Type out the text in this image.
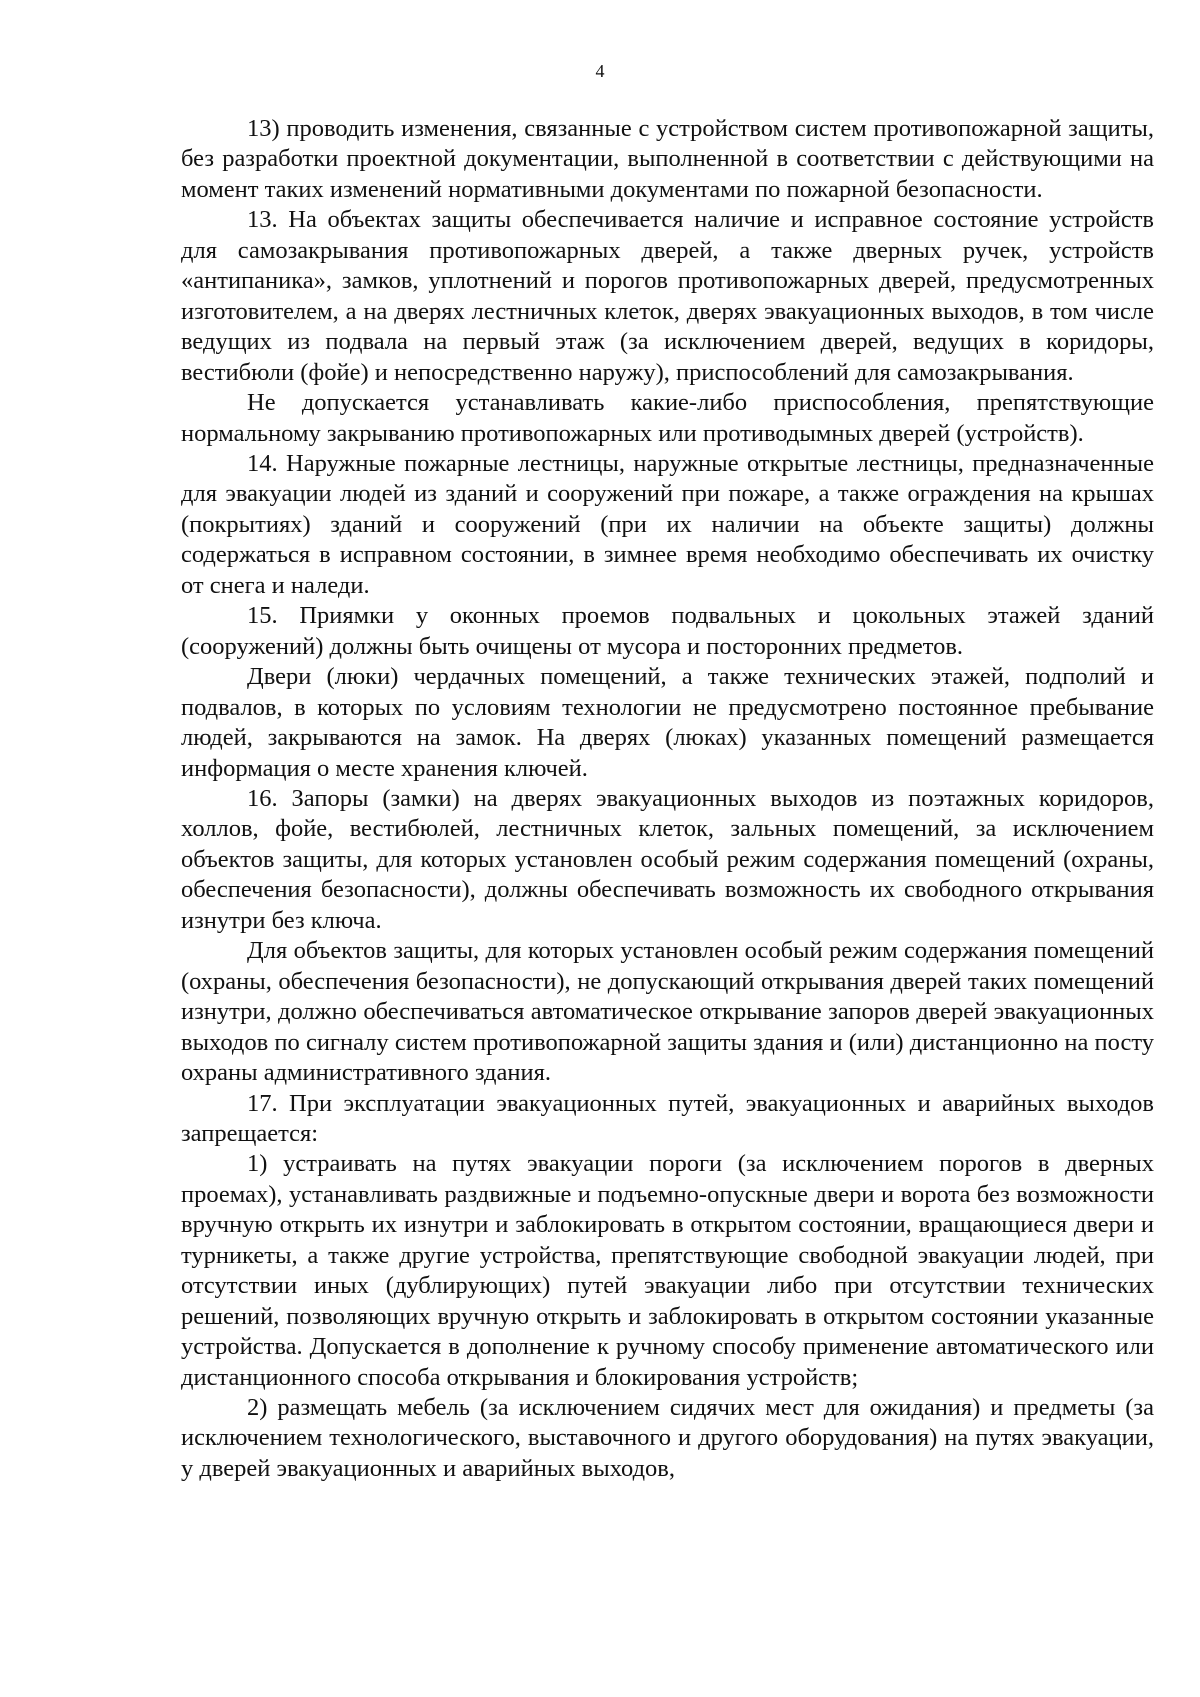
4

13) проводить изменения, связанные с устройством систем противопожарной защиты, без разработки проектной документации, выполненной в соответствии с действующими на момент таких изменений нормативными документами по пожарной безопасности.

13. На объектах защиты обеспечивается наличие и исправное состояние устройств для самозакрывания противопожарных дверей, а также дверных ручек, устройств «антипаника», замков, уплотнений и порогов противопожарных дверей, предусмотренных изготовителем, а на дверях лестничных клеток, дверях эвакуационных выходов, в том числе ведущих из подвала на первый этаж (за исключением дверей, ведущих в коридоры, вестибюли (фойе) и непосредственно наружу), приспособлений для самозакрывания.

Не допускается устанавливать какие-либо приспособления, препятствующие нормальному закрыванию противопожарных или противодымных дверей (устройств).

14. Наружные пожарные лестницы, наружные открытые лестницы, предназначенные для эвакуации людей из зданий и сооружений при пожаре, а также ограждения на крышах (покрытиях) зданий и сооружений (при их наличии на объекте защиты) должны содержаться в исправном состоянии, в зимнее время необходимо обеспечивать их очистку от снега и наледи.

15. Приямки у оконных проемов подвальных и цокольных этажей зданий (сооружений) должны быть очищены от мусора и посторонних предметов.

Двери (люки) чердачных помещений, а также технических этажей, подполий и подвалов, в которых по условиям технологии не предусмотрено постоянное пребывание людей, закрываются на замок. На дверях (люках) указанных помещений размещается информация о месте хранения ключей.

16. Запоры (замки) на дверях эвакуационных выходов из поэтажных коридоров, холлов, фойе, вестибюлей, лестничных клеток, зальных помещений, за исключением объектов защиты, для которых установлен особый режим содержания помещений (охраны, обеспечения безопасности), должны обеспечивать возможность их свободного открывания изнутри без ключа.

Для объектов защиты, для которых установлен особый режим содержания помещений (охраны, обеспечения безопасности), не допускающий открывания дверей таких помещений изнутри, должно обеспечиваться автоматическое открывание запоров дверей эвакуационных выходов по сигналу систем противопожарной защиты здания и (или) дистанционно на посту охраны административного здания.

17. При эксплуатации эвакуационных путей, эвакуационных и аварийных выходов запрещается:

1) устраивать на путях эвакуации пороги (за исключением порогов в дверных проемах), устанавливать раздвижные и подъемно-опускные двери и ворота без возможности вручную открыть их изнутри и заблокировать в открытом состоянии, вращающиеся двери и турникеты, а также другие устройства, препятствующие свободной эвакуации людей, при отсутствии иных (дублирующих) путей эвакуации либо при отсутствии технических решений, позволяющих вручную открыть и заблокировать в открытом состоянии указанные устройства. Допускается в дополнение к ручному способу применение автоматического или дистанционного способа открывания и блокирования устройств;

2) размещать мебель (за исключением сидячих мест для ожидания) и предметы (за исключением технологического, выставочного и другого оборудования) на путях эвакуации, у дверей эвакуационных и аварийных выходов,
